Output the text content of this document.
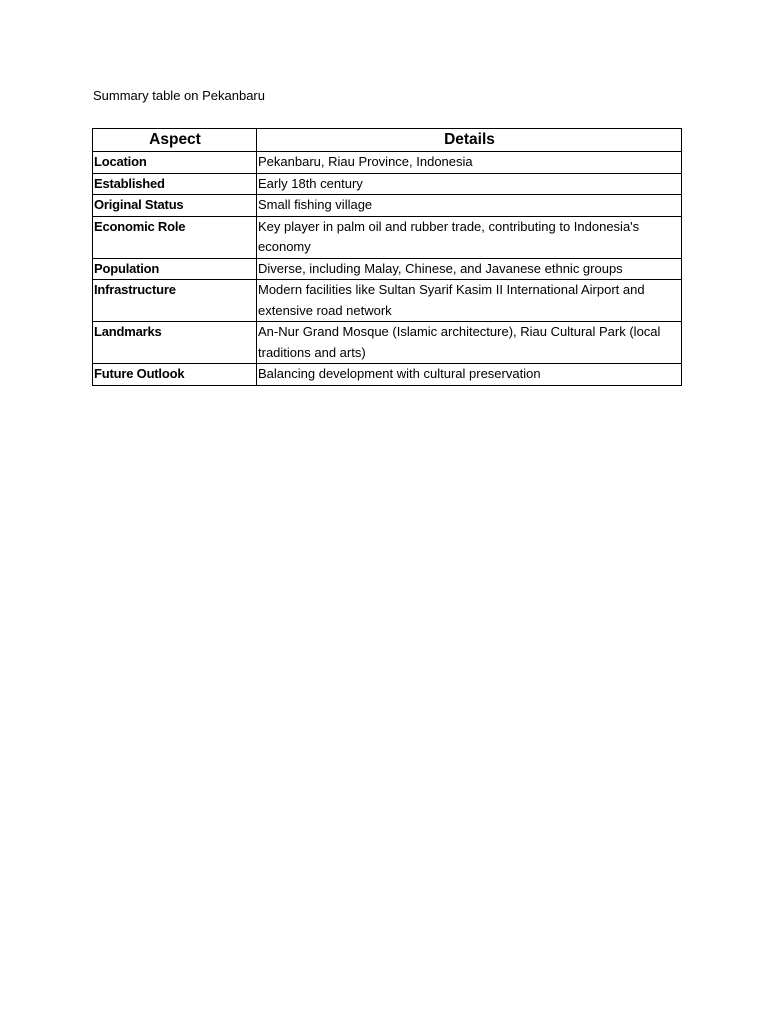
Summary table on Pekanbaru
Aspect	Details
Location	Pekanbaru, Riau Province, Indonesia
Established	Early 18th century
Original Status	Small fishing village
Economic Role	Key player in palm oil and rubber trade, contributing to Indonesia's economy
Population	Diverse, including Malay, Chinese, and Javanese ethnic groups
Infrastructure	Modern facilities like Sultan Syarif Kasim II International Airport and extensive road network
Landmarks	An-Nur Grand Mosque (Islamic architecture), Riau Cultural Park (local traditions and arts)
Future Outlook	Balancing development with cultural preservation
